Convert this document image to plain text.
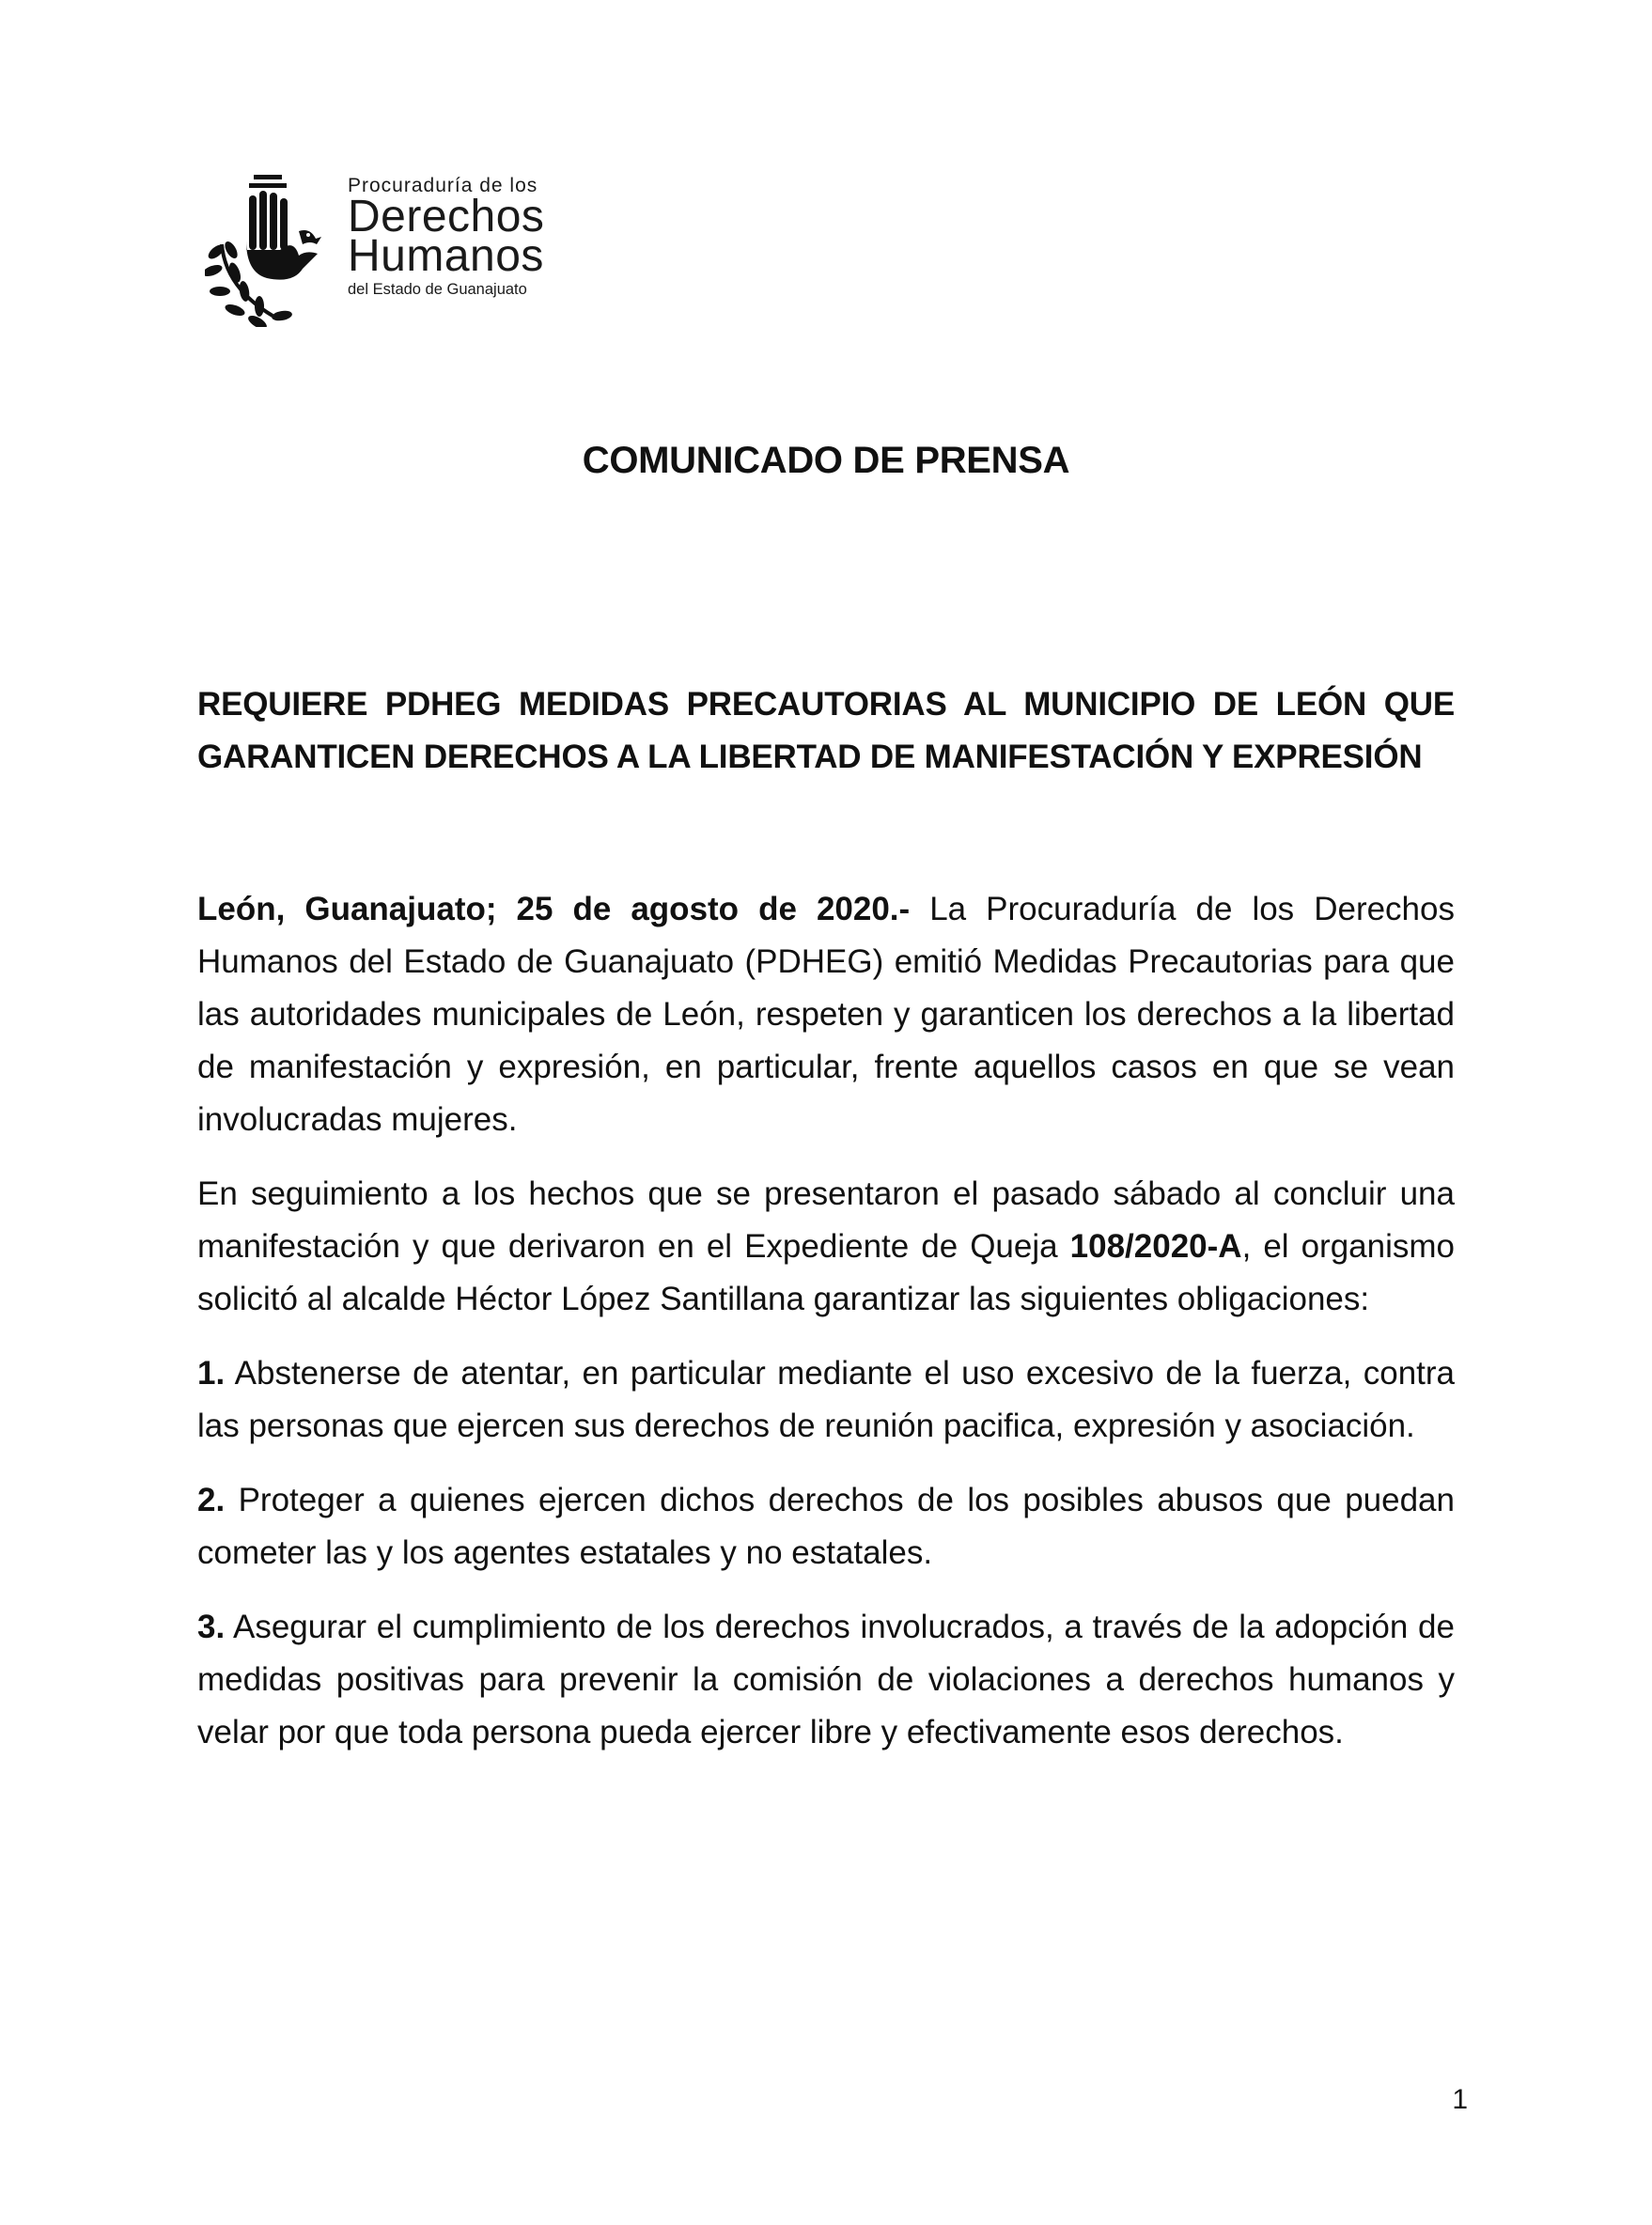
Procuraduría de los

Derechos

Humanos

del Estado de Guanajuato

COMUNICADO DE PRENSA
REQUIERE PDHEG MEDIDAS PRECAUTORIAS AL MUNICIPIO DE LEÓN QUE GARANTICEN DERECHOS A LA LIBERTAD DE MANIFESTACIÓN Y EXPRESIÓN

León, Guanajuato; 25 de agosto de 2020.- La Procuraduría de los Derechos Humanos del Estado de Guanajuato (PDHEG) emitió Medidas Precautorias para que las autoridades municipales de León, respeten y garanticen los derechos a la libertad de manifestación y expresión, en particular, frente aquellos casos en que se vean involucradas mujeres.

En seguimiento a los hechos que se presentaron el pasado sábado al concluir una manifestación y que derivaron en el Expediente de Queja 108/2020-A, el organismo solicitó al alcalde Héctor López Santillana garantizar las siguientes obligaciones:

1. Abstenerse de atentar, en particular mediante el uso excesivo de la fuerza, contra las personas que ejercen sus derechos de reunión pacifica, expresión y asociación.

2. Proteger a quienes ejercen dichos derechos de los posibles abusos que puedan cometer las y los agentes estatales y no estatales.

3. Asegurar el cumplimiento de los derechos involucrados, a través de la adopción de medidas positivas para prevenir la comisión de violaciones a derechos humanos y velar por que toda persona pueda ejercer libre y efectivamente esos derechos.

1
